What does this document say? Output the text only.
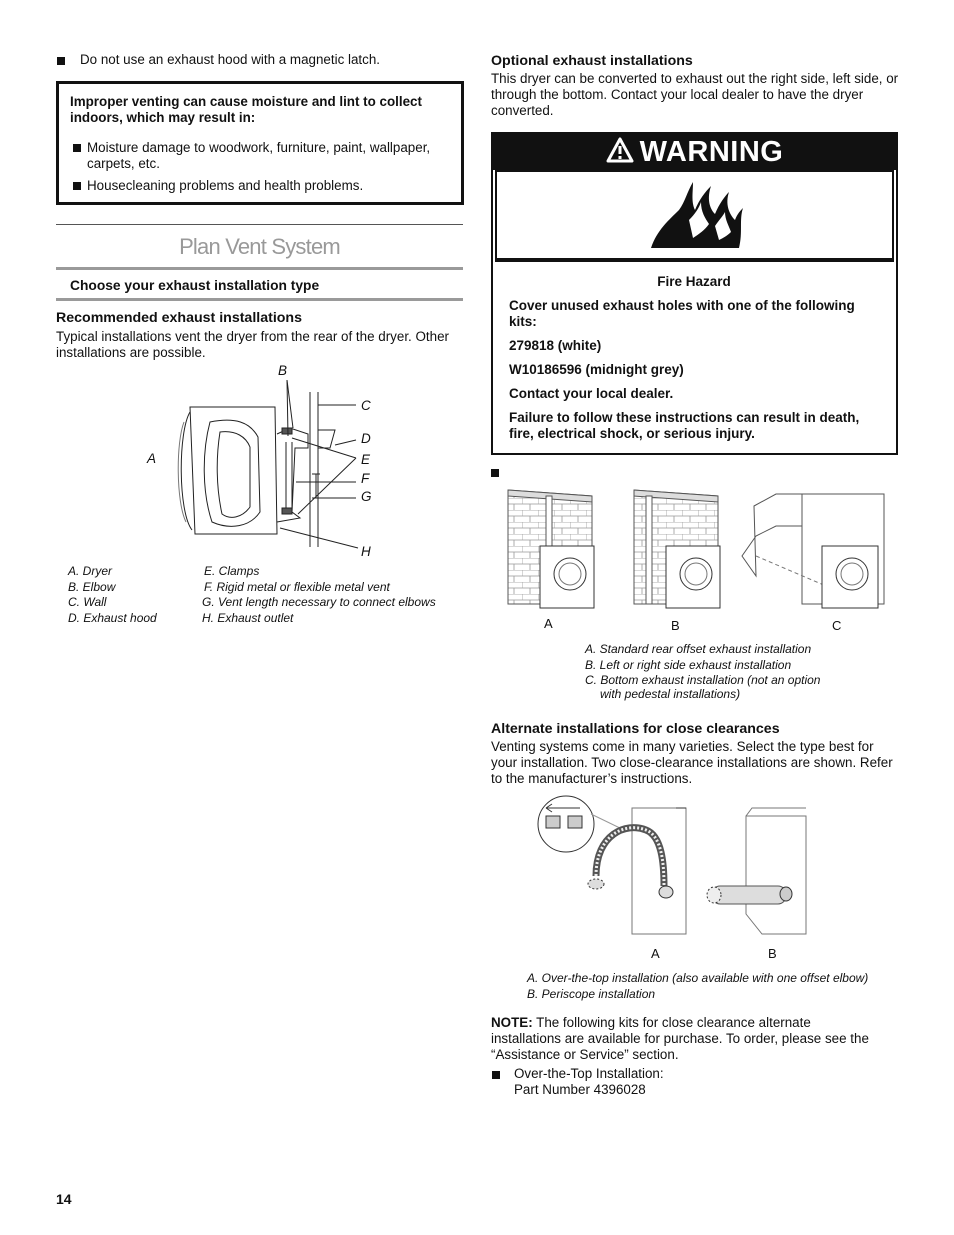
Do not use an exhaust hood with a magnetic latch.

Improper venting can cause moisture and lint to collect indoors, which may result in:

Moisture damage to woodwork, furniture, paint, wallpaper, carpets, etc.

Housecleaning problems and health problems.

Plan Vent System

Choose your exhaust installation type

Recommended exhaust installations

Typical installations vent the dryer from the rear of the dryer. Other installations are possible.

B
C
D
E
F
G
H
A
A. Dryer
B. Elbow
C. Wall
D. Exhaust hood
E. Clamps
F. Rigid metal or flexible metal vent
G. Vent length necessary to connect elbows
H. Exhaust outlet

Optional exhaust installations

This dryer can be converted to exhaust out the right side, left side, or through the bottom. Contact your local dealer to have the dryer converted.

WARNING

Fire Hazard

Cover unused exhaust holes with one of the following kits:

279818 (white)

W10186596 (midnight grey)

Contact your local dealer.

Failure to follow these instructions can result in death, fire, electrical shock, or serious injury.

A	B	C
A. Standard rear offset exhaust installation
B. Left or right side exhaust installation
C. Bottom exhaust installation (not an option
with pedestal installations)

Alternate installations for close clearances

Venting systems come in many varieties. Select the type best for your installation. Two close-clearance installations are shown. Refer to the manufacturer’s instructions.

A	B
A. Over-the-top installation (also available with one offset elbow)
B. Periscope installation

NOTE: The following kits for close clearance alternate installations are available for purchase. To order, please see the “Assistance or Service” section.

Over-the-Top Installation:

Part Number 4396028

14
